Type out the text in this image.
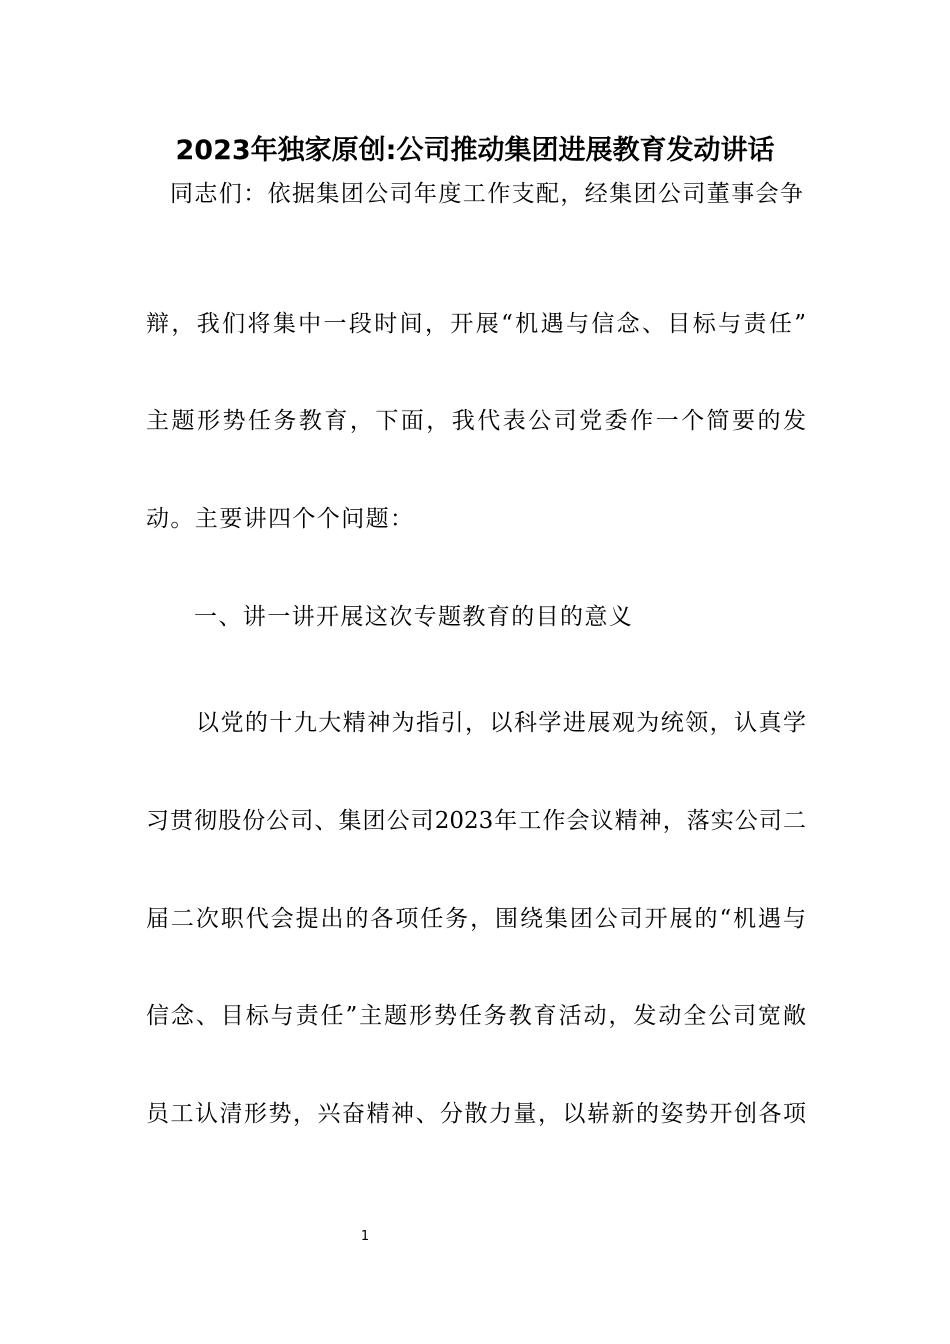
2023年独家原创:公司推动集团进展教育发动讲话
同志们：依据集团公司年度工作支配，经集团公司董事会争
辩，我们将集中一段时间，开展“机遇与信念、目标与责任”
主题形势任务教育，下面，我代表公司党委作一个简要的发
动。主要讲四个个问题：
一、讲一讲开展这次专题教育的目的意义
以党的十九大精神为指引，以科学进展观为统领，认真学
习贯彻股份公司、集团公司2023年工作会议精神，落实公司二
届二次职代会提出的各项任务，围绕集团公司开展的“机遇与
信念、目标与责任”主题形势任务教育活动，发动全公司宽敞
员工认清形势，兴奋精神、分散力量，以崭新的姿势开创各项
1
